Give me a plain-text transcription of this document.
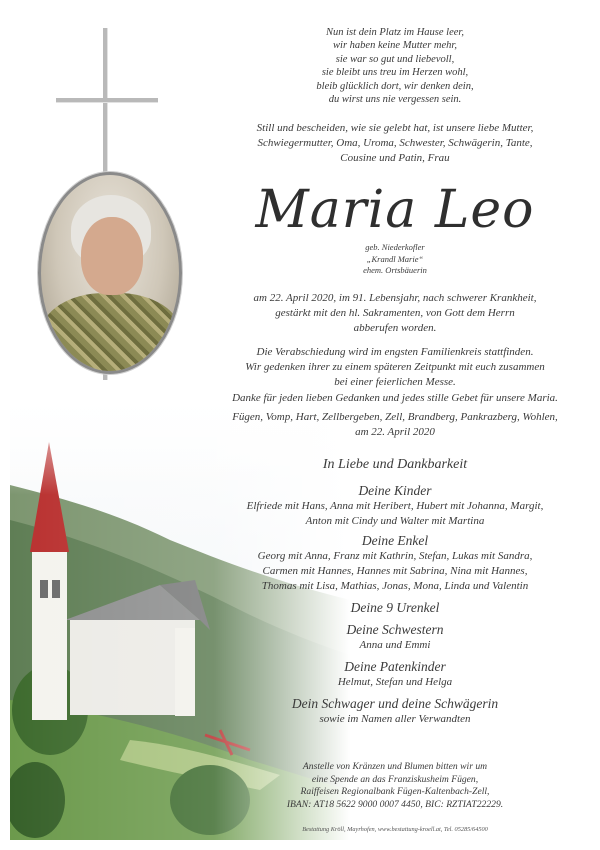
Nun ist dein Platz im Hause leer,
wir haben keine Mutter mehr,
sie war so gut und liebevoll,
sie bleibt uns treu im Herzen wohl,
bleib glücklich dort, wir denken dein,
du wirst uns nie vergessen sein.
Still und bescheiden, wie sie gelebt hat, ist unsere liebe Mutter,
Schwiegermutter, Oma, Uroma, Schwester, Schwägerin, Tante,
Cousine und Patin, Frau
Maria Leo
geb. Niederkofler
„Krandl Marie“
ehem. Ortsbäuerin
am 22. April 2020, im 91. Lebensjahr, nach schwerer Krankheit,
gestärkt mit den hl. Sakramenten, von Gott dem Herrn
abberufen worden.
Die Verabschiedung wird im engsten Familienkreis stattfinden.
Wir gedenken ihrer zu einem späteren Zeitpunkt mit euch zusammen
bei einer feierlichen Messe.
Danke für jeden lieben Gedanken und jedes stille Gebet für unsere Maria.
Fügen, Vomp, Hart, Zellbergeben, Zell, Brandberg, Pankrazberg, Wohlen,
am 22. April 2020
In Liebe und Dankbarkeit
Deine Kinder
Elfriede mit Hans, Anna mit Heribert, Hubert mit Johanna, Margit,
Anton mit Cindy und Walter mit Martina
Deine Enkel
Georg mit Anna, Franz mit Kathrin, Stefan, Lukas mit Sandra,
Carmen mit Hannes, Hannes mit Sabrina, Nina mit Hannes,
Thomas mit Lisa, Mathias, Jonas, Mona, Linda und Valentin
Deine 9 Urenkel
Deine Schwestern
Anna und Emmi
Deine Patenkinder
Helmut, Stefan und Helga
Dein Schwager und deine Schwägerin
sowie im Namen aller Verwandten
Anstelle von Kränzen und Blumen bitten wir um
eine Spende an das Franziskusheim Fügen,
Raiffeisen Regionalbank Fügen-Kaltenbach-Zell,
IBAN: AT18 5622 9000 0007 4450, BIC: RZTIAT22229.
Bestattung Kröll, Mayrhofen, www.bestattung-kroell.at, Tel. 05285/64500
